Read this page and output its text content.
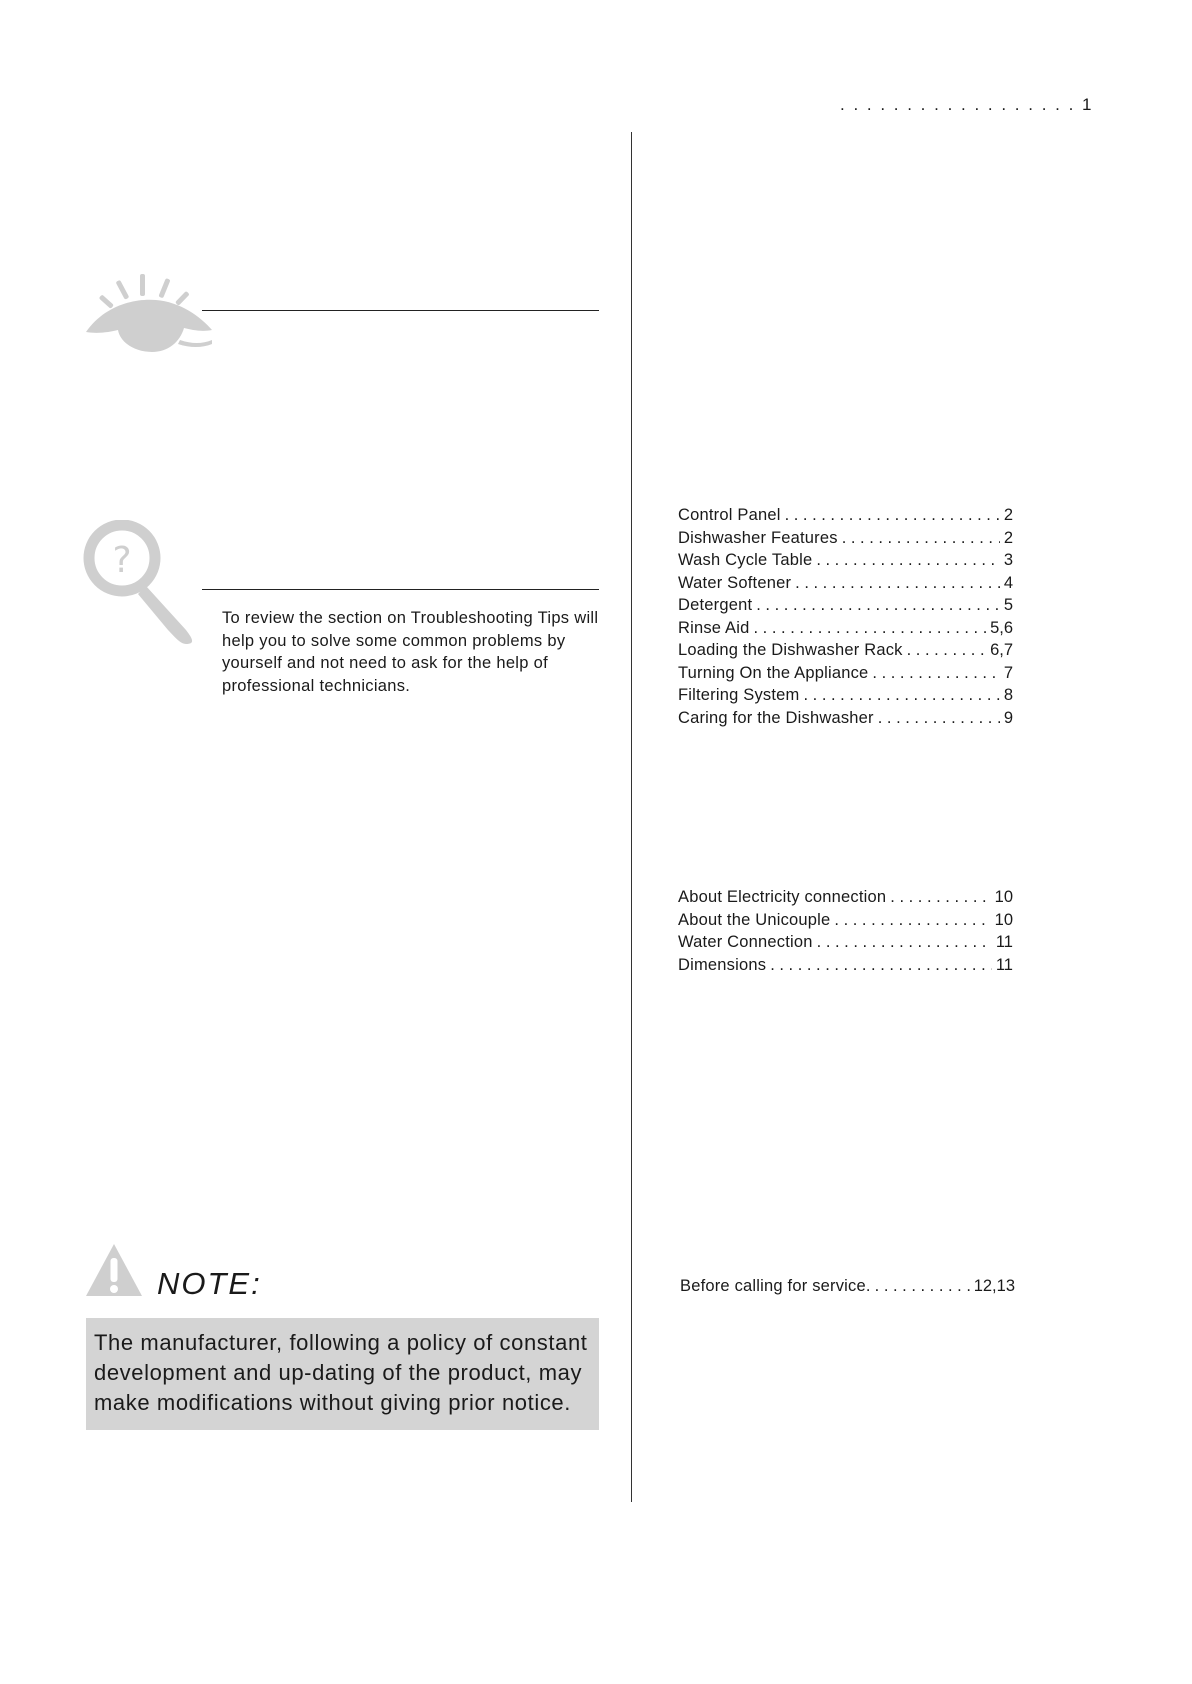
. . . . . . . . . . . . . . . . . . 1
?
To review the section on Troubleshooting Tips will help you to solve some common problems by yourself and not need to ask for the help of professional technicians.
Control Panel . . .	2
Dishwasher Features . . .	2
Wash Cycle Table . . .	3
Water Softener . . .	4
Detergent . . .	5
Rinse Aid . . .	5,6
Loading the Dishwasher Rack . . .	6,7
Turning On the Appliance . . .	7
Filtering System . . .	8
Caring for the Dishwasher . . .	9
About Electricity connection . . .	10
About the Unicouple . . .	10
Water Connection . . .	11
Dimensions . . .	11
Before calling for service. . . .	12,13
NOTE:
The manufacturer, following a policy of constant development and up-dating of the product, may make modifications without giving prior notice.
